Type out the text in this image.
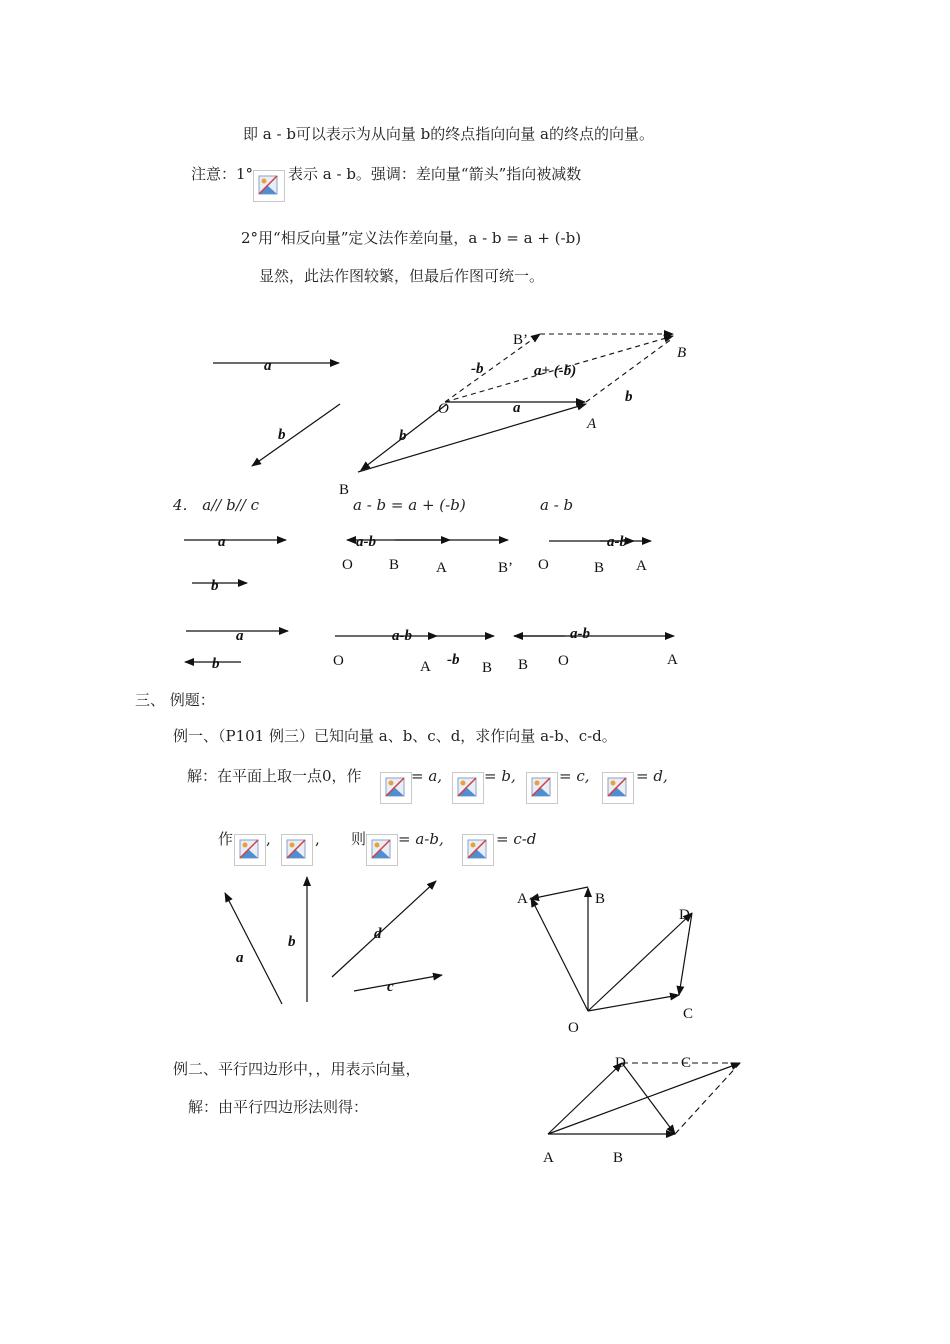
即 a - b可以表示为从向量 b的终点指向向量 a的终点的向量。
注意：1° 表示 a - b。强调：差向量“箭头”指向被减数
2°用“相反向量”定义法作差向量，a - b = a + (-b)
显然，此法作图较繁，但最后作图可统一。
a
b
B’
B
-b	a+ (-b)
O	a
b
A
b
B
4． a// b// c	a - b = a + (-b)	a - b
a
b
a-b
O B A	B’ O
a-b
B A
a
b
a-b
-b
O	A	B
a-b
B O	A
三、 例题：
例一、（P101 例三）已知向量 a、b、c、d，求作向量 a-b、c-d。
解：在平面上取一点0，作	= a,	= b,	= c,	= d,
作 ,	, 则 = a-b,	= c-d
a
b	d
c
A	B
D
C
O
例二、平行四边形中，，用表示向量，
解：由平行四边形法则得：
D	C
A	B
